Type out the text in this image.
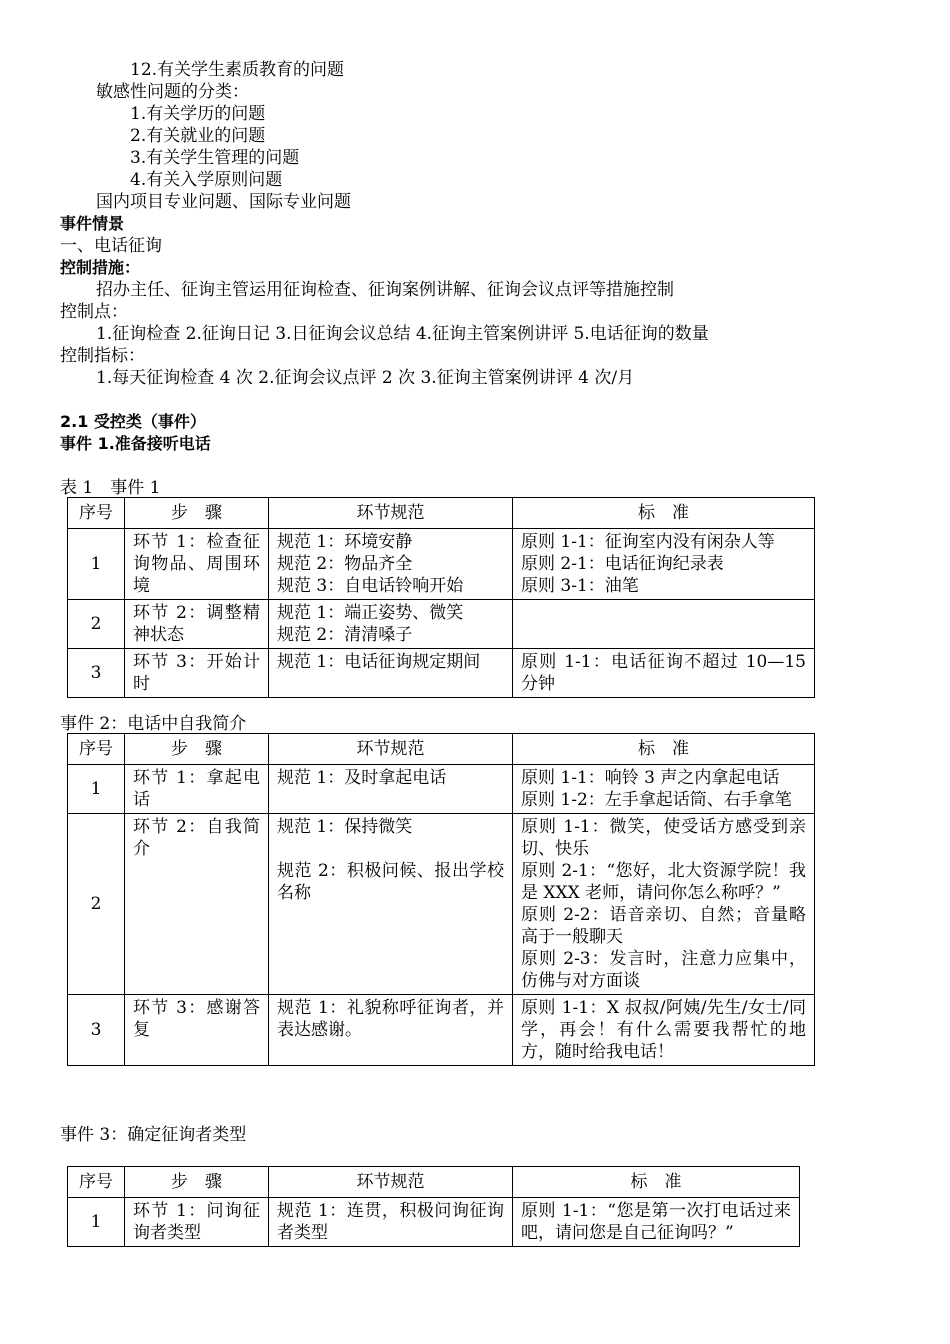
12.有关学生素质教育的问题
敏感性问题的分类：
1.有关学历的问题
2.有关就业的问题
3.有关学生管理的问题
4.有关入学原则问题
国内项目专业问题、国际专业问题
事件情景
一、电话征询
控制措施：
招办主任、征询主管运用征询检查、征询案例讲解、征询会议点评等措施控制
控制点：
1.征询检查 2.征询日记 3.日征询会议总结 4.征询主管案例讲评 5.电话征询的数量
控制指标：
1.每天征询检查 4 次 2.征询会议点评 2 次 3.征询主管案例讲评 4 次/月
2.1 受控类（事件）
事件 1.准备接听电话
表 1　事件 1
序号	步　骤	环节规范	标　准
1	环节 1：检查征询物品、周围环境	规范 1：环境安静
规范 2：物品齐全
规范 3：自电话铃响开始	原则 1-1：征询室内没有闲杂人等
原则 2-1：电话征询纪录表
原则 3-1：油笔

2	环节 2：调整精神状态	规范 1：端正姿势、微笑
规范 2：清清嗓子	

3	环节 3：开始计时	规范 1：电话征询规定期间	原则 1-1：电话征询不超过 10—15 分钟
事件 2：电话中自我简介
序号	步　骤	环节规范	标　准
1	环节 1：拿起电话	规范 1：及时拿起电话	原则 1-1：响铃 3 声之内拿起电话
原则 1-2：左手拿起话筒、右手拿笔

2	环节 2：自我简介	规范 1：保持微笑
规范 2：积极问候、报出学校名称	原则 1-1：微笑，使受话方感受到亲切、快乐
原则 2-1：“您好，北大资源学院！我是 XXX 老师，请问你怎么称呼？”
原则 2-2：语音亲切、自然；音量略高于一般聊天
原则 2-3：发言时，注意力应集中，仿佛与对方面谈

3	环节 3：感谢答复	规范 1：礼貌称呼征询者，并表达感谢。	原则 1-1：X 叔叔/阿姨/先生/女士/同学，再会！有什么需要我帮忙的地方，随时给我电话！
事件 3：确定征询者类型
序号	步　骤	环节规范	标　准
1	环节 1：问询征询者类型	规范 1：连贯，积极问询征询者类型	原则 1-1：“您是第一次打电话过来吧，请问您是自己征询吗？”
